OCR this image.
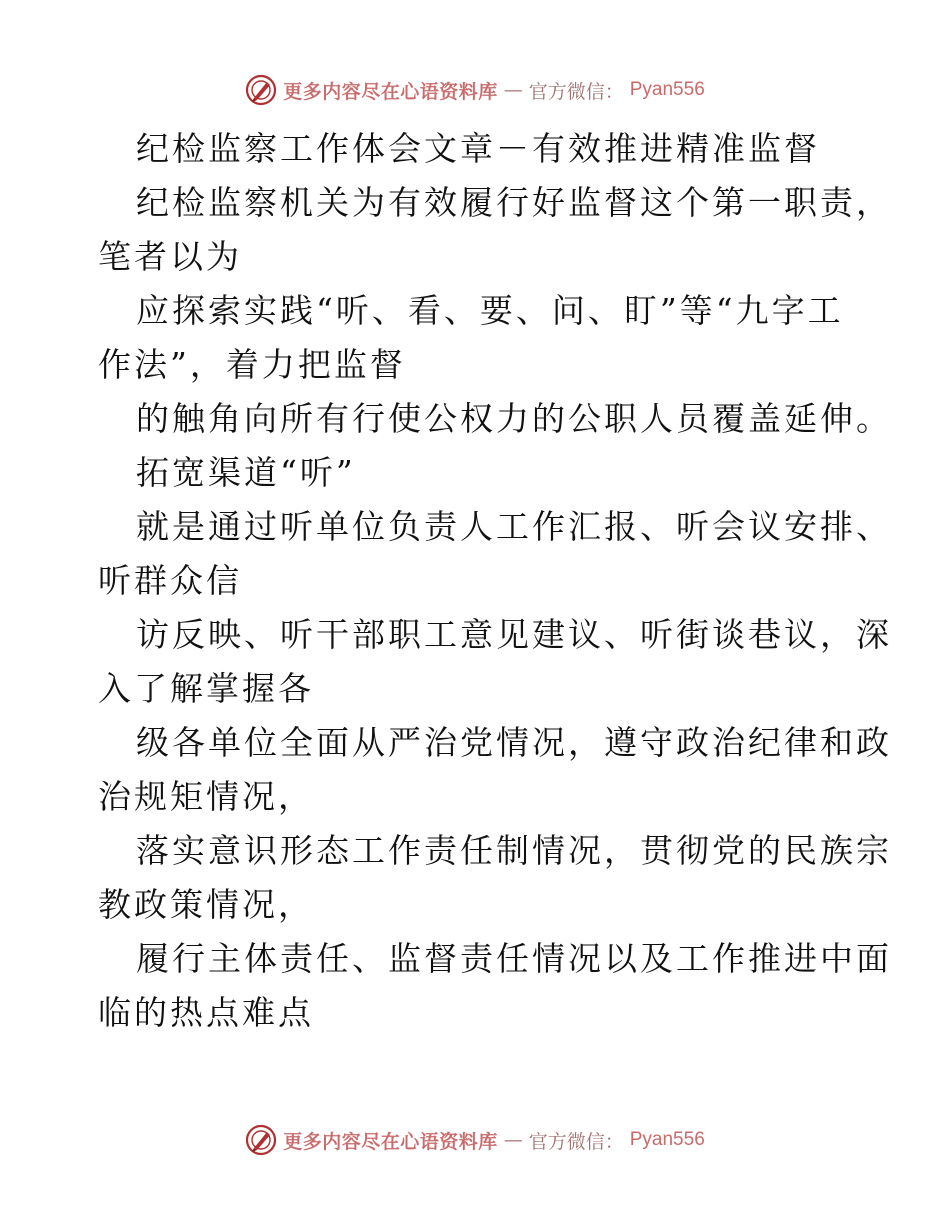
更多内容尽在心语资料库 — 官方微信： Pyan556
纪检监察工作体会文章－有效推进精准监督
纪检监察机关为有效履行好监督这个第一职责，
笔者以为
应探索实践“听、看、要、问、盯”等“九字工
作法”，着力把监督
的触角向所有行使公权力的公职人员覆盖延伸。
拓宽渠道“听”
就是通过听单位负责人工作汇报、听会议安排、
听群众信
访反映、听干部职工意见建议、听街谈巷议，深
入了解掌握各
级各单位全面从严治党情况，遵守政治纪律和政
治规矩情况，
落实意识形态工作责任制情况，贯彻党的民族宗
教政策情况，
履行主体责任、监督责任情况以及工作推进中面
临的热点难点
更多内容尽在心语资料库 — 官方微信： Pyan556
